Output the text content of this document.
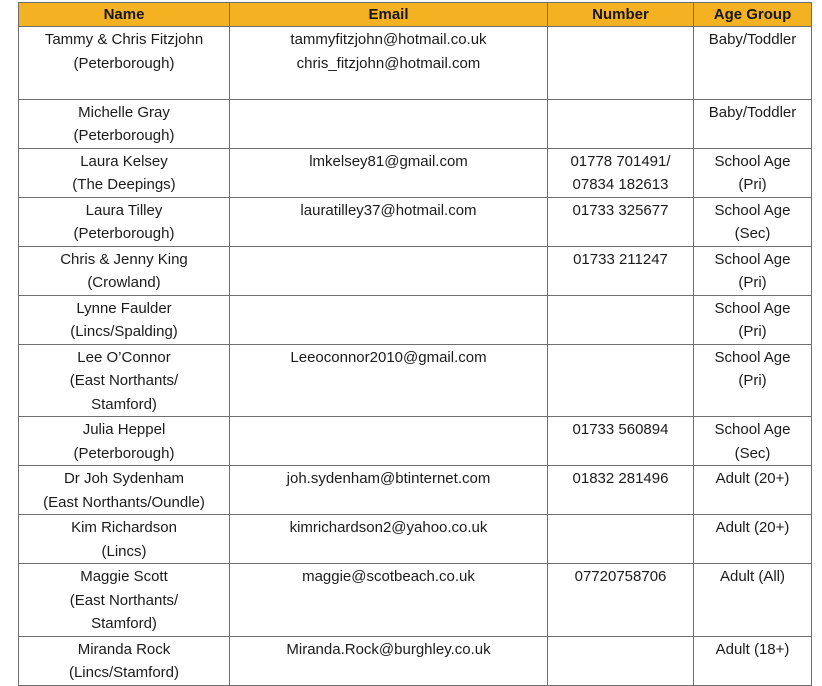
Name	Email	Number	Age Group

Tammy & Chris Fitzjohn
(Peterborough)	tammyfitzjohn@hotmail.co.uk
chris_fitzjohn@hotmail.com		Baby/Toddler

Michelle Gray
(Peterborough)			Baby/Toddler

Laura Kelsey
(The Deepings)	lmkelsey81@gmail.com	01778 701491/
07834 182613	School Age
(Pri)

Laura Tilley
(Peterborough)	lauratilley37@hotmail.com	01733 325677	School Age
(Sec)

Chris & Jenny King
(Crowland)		01733 211247	School Age
(Pri)

Lynne Faulder
(Lincs/Spalding)			School Age
(Pri)

Lee O’Connor
(East Northants/
Stamford)	Leeoconnor2010@gmail.com		School Age
(Pri)

Julia Heppel
(Peterborough)		01733 560894	School Age
(Sec)

Dr Joh Sydenham
(East Northants/Oundle)	joh.sydenham@btinternet.com	01832 281496	Adult (20+)

Kim Richardson
(Lincs)	kimrichardson2@yahoo.co.uk		Adult (20+)

Maggie Scott
(East Northants/
Stamford)	maggie@scotbeach.co.uk	07720758706	Adult (All)

Miranda Rock
(Lincs/Stamford)	Miranda.Rock@burghley.co.uk		Adult (18+)
